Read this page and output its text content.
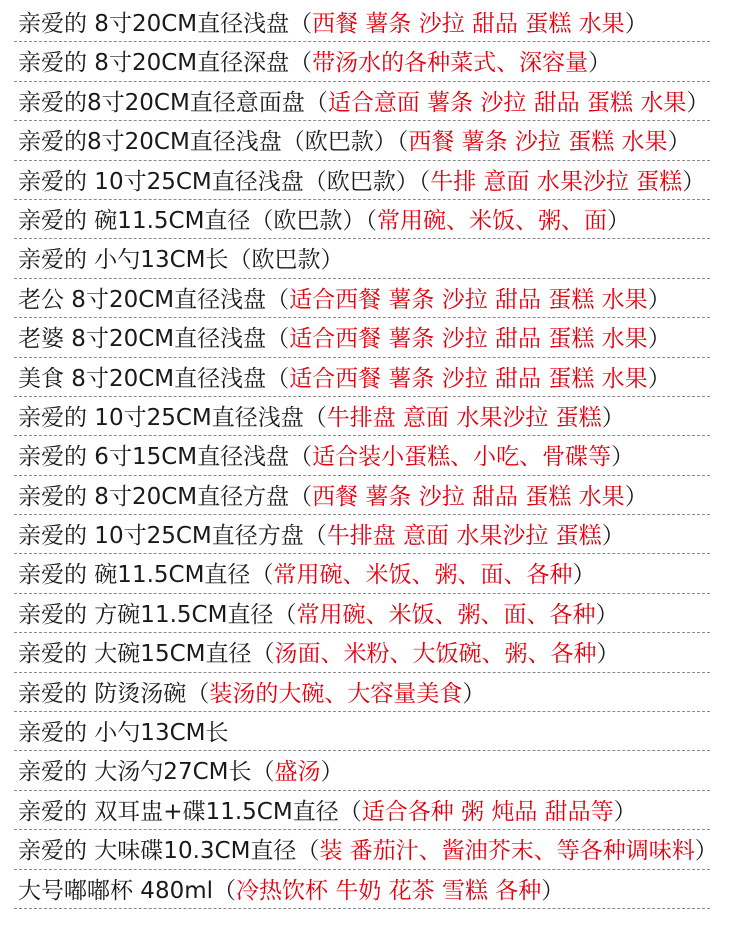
亲爱的 8寸20CM直径浅盘（西餐 薯条 沙拉 甜品 蛋糕 水果）
亲爱的 8寸20CM直径深盘（带汤水的各种菜式、深容量）
亲爱的8寸20CM直径意面盘（适合意面 薯条 沙拉 甜品 蛋糕 水果）
亲爱的8寸20CM直径浅盘（欧巴款）（西餐 薯条 沙拉 蛋糕 水果）
亲爱的 10寸25CM直径浅盘（欧巴款）（牛排 意面 水果沙拉 蛋糕）
亲爱的 碗11.5CM直径（欧巴款）（常用碗、米饭、粥、面）
亲爱的 小勺13CM长（欧巴款）
老公 8寸20CM直径浅盘（适合西餐 薯条 沙拉 甜品 蛋糕 水果）
老婆 8寸20CM直径浅盘（适合西餐 薯条 沙拉 甜品 蛋糕 水果）
美食 8寸20CM直径浅盘（适合西餐 薯条 沙拉 甜品 蛋糕 水果）
亲爱的 10寸25CM直径浅盘（牛排盘 意面 水果沙拉 蛋糕）
亲爱的 6寸15CM直径浅盘（适合装小蛋糕、小吃、骨碟等）
亲爱的 8寸20CM直径方盘（西餐 薯条 沙拉 甜品 蛋糕 水果）
亲爱的 10寸25CM直径方盘（牛排盘 意面 水果沙拉 蛋糕）
亲爱的 碗11.5CM直径（常用碗、米饭、粥、面、各种）
亲爱的 方碗11.5CM直径（常用碗、米饭、粥、面、各种）
亲爱的 大碗15CM直径（汤面、米粉、大饭碗、粥、各种）
亲爱的 防烫汤碗（装汤的大碗、大容量美食）
亲爱的 小勺13CM长
亲爱的 大汤勺27CM长（盛汤）
亲爱的 双耳盅+碟11.5CM直径（适合各种 粥 炖品 甜品等）
亲爱的 大味碟10.3CM直径（装 番茄汁、酱油芥末、等各种调味料）
大号嘟嘟杯 480ml（冷热饮杯 牛奶 花茶 雪糕 各种）
